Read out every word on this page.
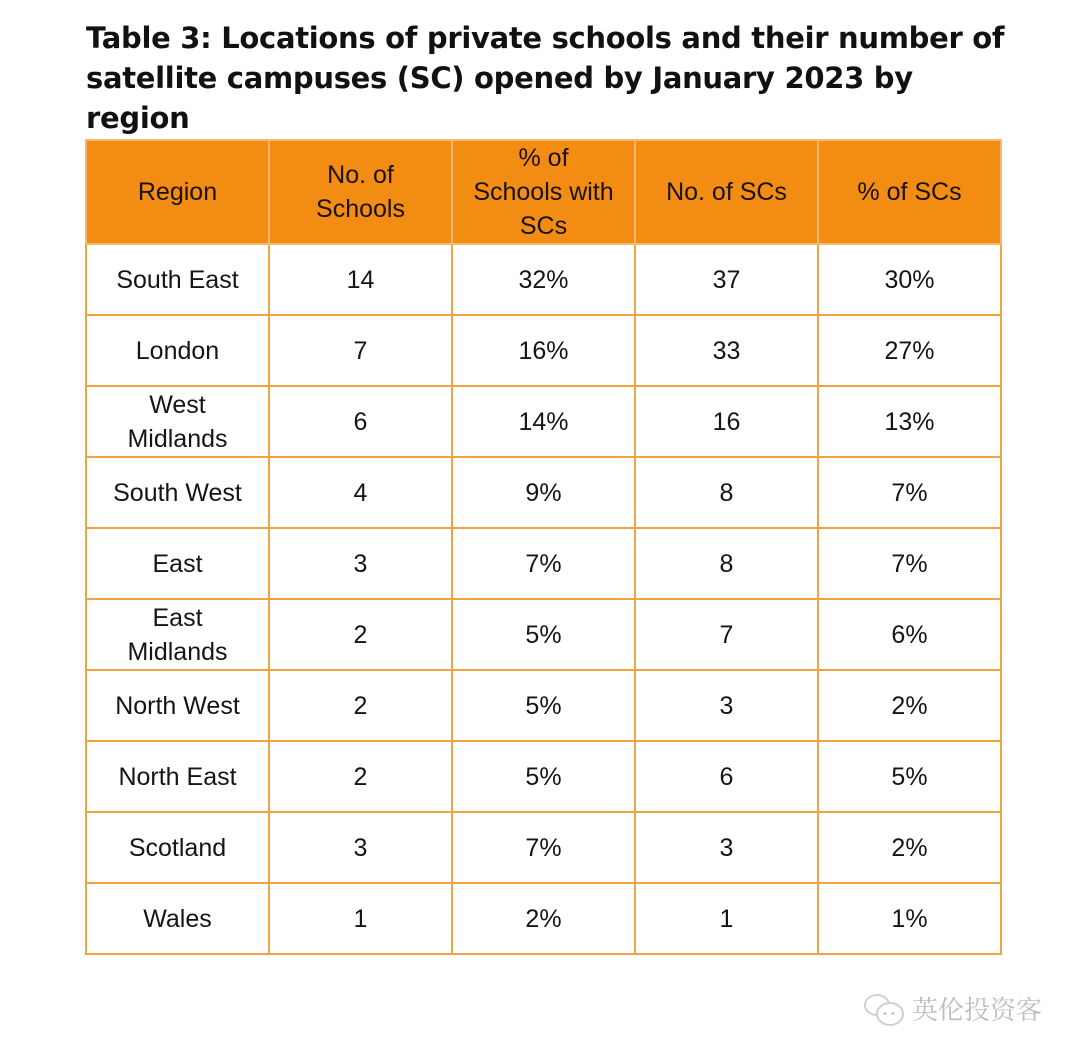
Table 3: Locations of private schools and their number of satellite campuses (SC) opened by January 2023 by region
Region	No. of Schools	% of Schools with SCs	No. of SCs	% of SCs
South East	14	32%	37	30%
London	7	16%	33	27%
West Midlands	6	14%	16	13%
South West	4	9%	8	7%
East	3	7%	8	7%
East Midlands	2	5%	7	6%
North West	2	5%	3	2%
North East	2	5%	6	5%
Scotland	3	7%	3	2%
Wales	1	2%	1	1%
•• 英伦投资客
